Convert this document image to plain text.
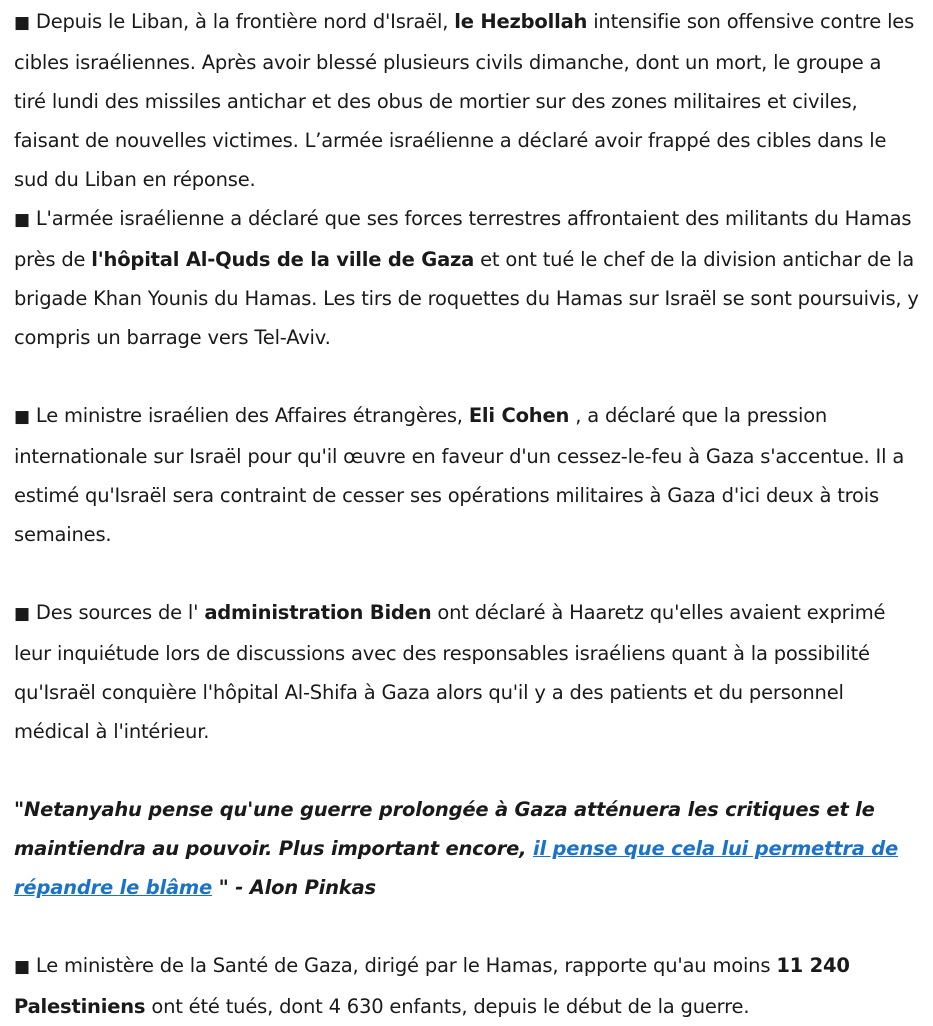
■ Depuis le Liban, à la frontière nord d'Israël, le Hezbollah intensifie son offensive contre les cibles israéliennes. Après avoir blessé plusieurs civils dimanche, dont un mort, le groupe a tiré lundi des missiles antichar et des obus de mortier sur des zones militaires et civiles, faisant de nouvelles victimes. L’armée israélienne a déclaré avoir frappé des cibles dans le sud du Liban en réponse.

■ L'armée israélienne a déclaré que ses forces terrestres affrontaient des militants du Hamas près de l'hôpital Al-Quds de la ville de Gaza et ont tué le chef de la division antichar de la brigade Khan Younis du Hamas. Les tirs de roquettes du Hamas sur Israël se sont poursuivis, y compris un barrage vers Tel-Aviv.

■ Le ministre israélien des Affaires étrangères, Eli Cohen , a déclaré que la pression internationale sur Israël pour qu'il œuvre en faveur d'un cessez-le-feu à Gaza s'accentue. Il a estimé qu'Israël sera contraint de cesser ses opérations militaires à Gaza d'ici deux à trois semaines.

■ Des sources de l' administration Biden ont déclaré à Haaretz qu'elles avaient exprimé leur inquiétude lors de discussions avec des responsables israéliens quant à la possibilité qu'Israël conquière l'hôpital Al-Shifa à Gaza alors qu'il y a des patients et du personnel médical à l'intérieur.

"Netanyahu pense qu'une guerre prolongée à Gaza atténuera les critiques et le maintiendra au pouvoir. Plus important encore, il pense que cela lui permettra de répandre le blâme " - Alon Pinkas

■ Le ministère de la Santé de Gaza, dirigé par le Hamas, rapporte qu'au moins 11 240 Palestiniens ont été tués, dont 4 630 enfants, depuis le début de la guerre.
